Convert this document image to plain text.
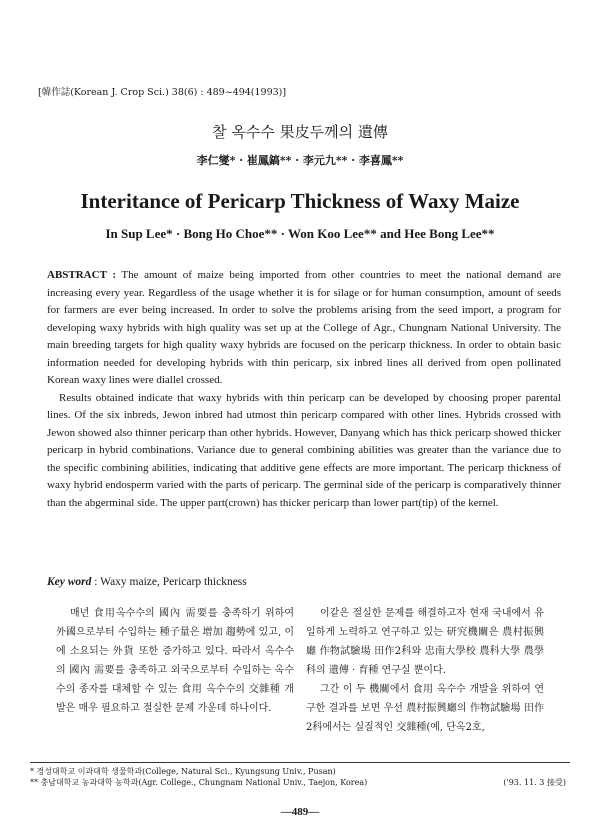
[韓作誌(Korean J. Crop Sci.) 38(6) : 489~494(1993)]
찰 옥수수 果皮두께의 遺傳
李仁燮* · 崔鳳鎬** · 李元九** · 李喜鳳**
Interitance of Pericarp Thickness of Waxy Maize
In Sup Lee* · Bong Ho Choe** · Won Koo Lee** and Hee Bong Lee**

ABSTRACT : The amount of maize being imported from other countries to meet the national demand are increasing every year. Regardless of the usage whether it is for silage or for human consumption, amount of seeds for farmers are ever being increased. In order to solve the problems arising from the seed import, a program for developing waxy hybrids with high quality was set up at the College of Agr., Chungnam National University. The main breeding targets for high quality waxy hybrids are focused on the pericarp thickness. In order to obtain basic information needed for developing hybrids with thin pericarp, six inbred lines all derived from open pollinated Korean waxy lines were diallel crossed.

Results obtained indicate that waxy hybrids with thin pericarp can be developed by choosing proper parental lines. Of the six inbreds, Jewon inbred had utmost thin pericarp compared with other lines. Hybrids crossed with Jewon showed also thinner pericarp than other hybrids. However, Danyang which has thick pericarp showed thicker pericarp in hybrid combinations. Variance due to general combining abilities was greater than the variance due to the specific combining abilities, indicating that additive gene effects are more important. The pericarp thickness of waxy hybrid endosperm varied with the parts of pericarp. The germinal side of the pericarp is comparatively thinner than the abgerminal side. The upper part(crown) has thicker pericarp than lower part(tip) of the kernel.

Key word : Waxy maize, Pericarp thickness

매년 食用옥수수의 國內 需要를 충족하기 위하여 外國으로부터 수입하는 種子量은 增加 趨勢에 있고, 이에 소요되는 外貨 또한 증가하고 있다. 따라서 옥수수의 國內 需要를 충족하고 외국으로부터 수입하는 옥수수의 종자를 대체할 수 있는 食用 옥수수의 交雜種 개발은 매우 필요하고 절실한 문제 가운데 하나이다.

이같은 절실한 문제를 해결하고자 현재 국내에서 유일하게 노력하고 연구하고 있는 研究機關은 農村振興廳 作物試驗場 田作2科와 忠南大學校 農科大學 農學科의 遺傳 · 育種 연구실 뿐이다.

그간 이 두 機關에서 食用 옥수수 개발을 위하여 연구한 결과를 보면 우선 農村振興廳의 作物試驗場 田作2科에서는 실질적인 交雜種(예, 단옥2호,

* 경성대학교 이과대학 생물학과(College, Natural Sci., Kyungsung Univ., Pusan)
** 충남대학교 농과대학 농학과(Agr. College., Chungnam National Univ., Taejon, Korea)	('93. 11. 3 接受)
—489—
